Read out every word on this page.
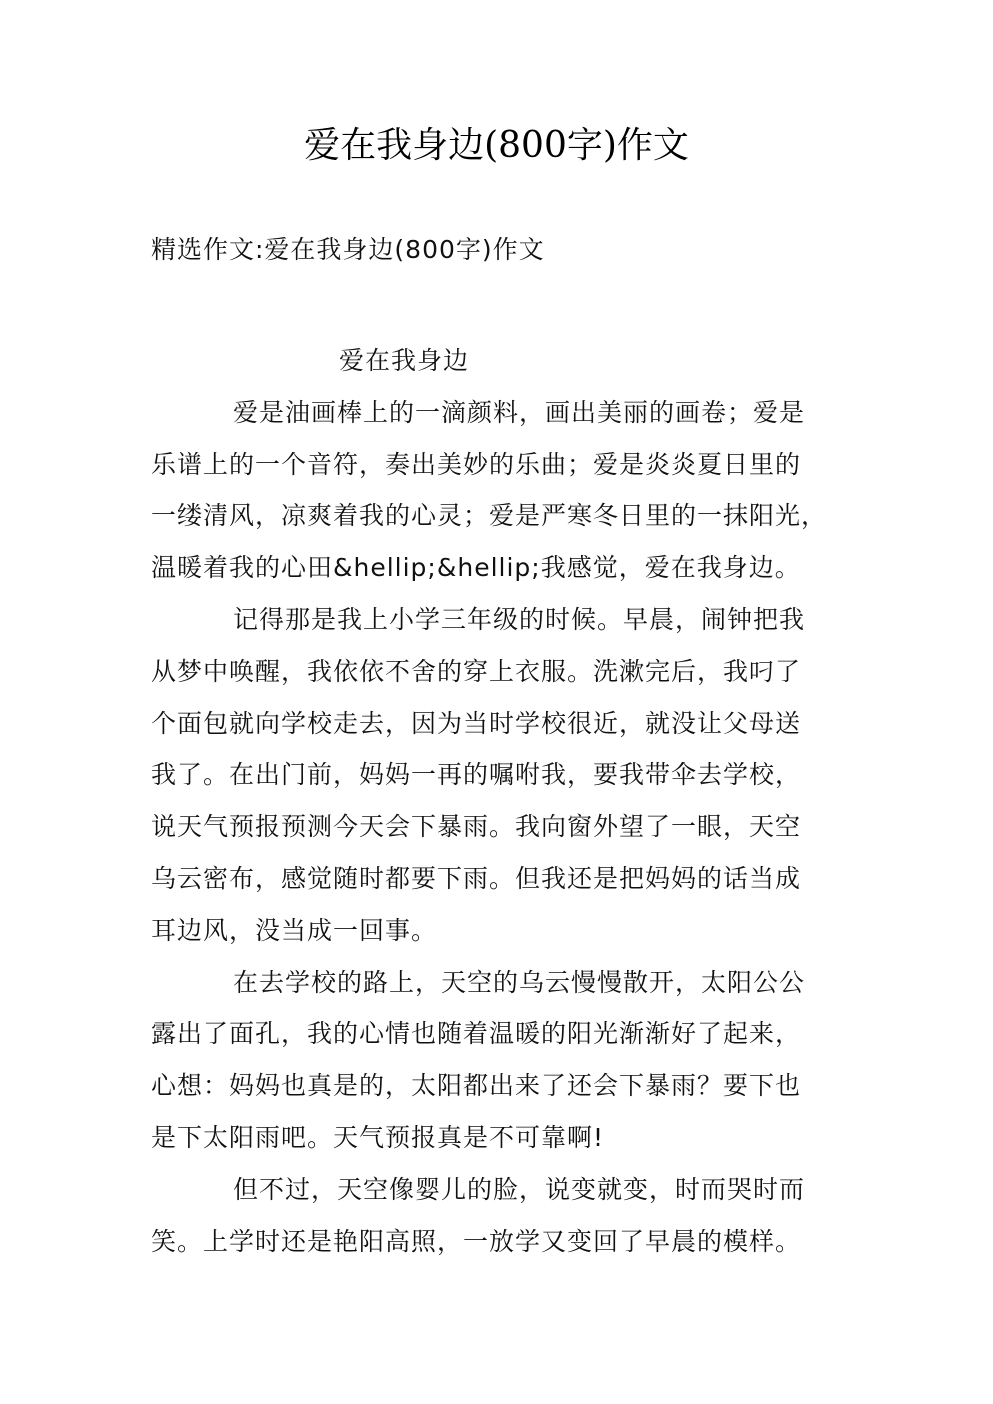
爱在我身边(800字)作文
精选作文:爱在我身边(800字)作文
爱在我身边
爱是油画棒上的一滴颜料，画出美丽的画卷；爱是
乐谱上的一个音符，奏出美妙的乐曲；爱是炎炎夏日里的
一缕清风，凉爽着我的心灵；爱是严寒冬日里的一抹阳光，
温暖着我的心田&hellip;&hellip;我感觉，爱在我身边。
记得那是我上小学三年级的时候。早晨，闹钟把我
从梦中唤醒，我依依不舍的穿上衣服。洗漱完后，我叼了
个面包就向学校走去，因为当时学校很近，就没让父母送
我了。在出门前，妈妈一再的嘱咐我，要我带伞去学校，
说天气预报预测今天会下暴雨。我向窗外望了一眼，天空
乌云密布，感觉随时都要下雨。但我还是把妈妈的话当成
耳边风，没当成一回事。
在去学校的路上，天空的乌云慢慢散开，太阳公公
露出了面孔，我的心情也随着温暖的阳光渐渐好了起来，
心想：妈妈也真是的，太阳都出来了还会下暴雨？要下也
是下太阳雨吧。天气预报真是不可靠啊!
但不过，天空像婴儿的脸，说变就变，时而哭时而
笑。上学时还是艳阳高照，一放学又变回了早晨的模样。
